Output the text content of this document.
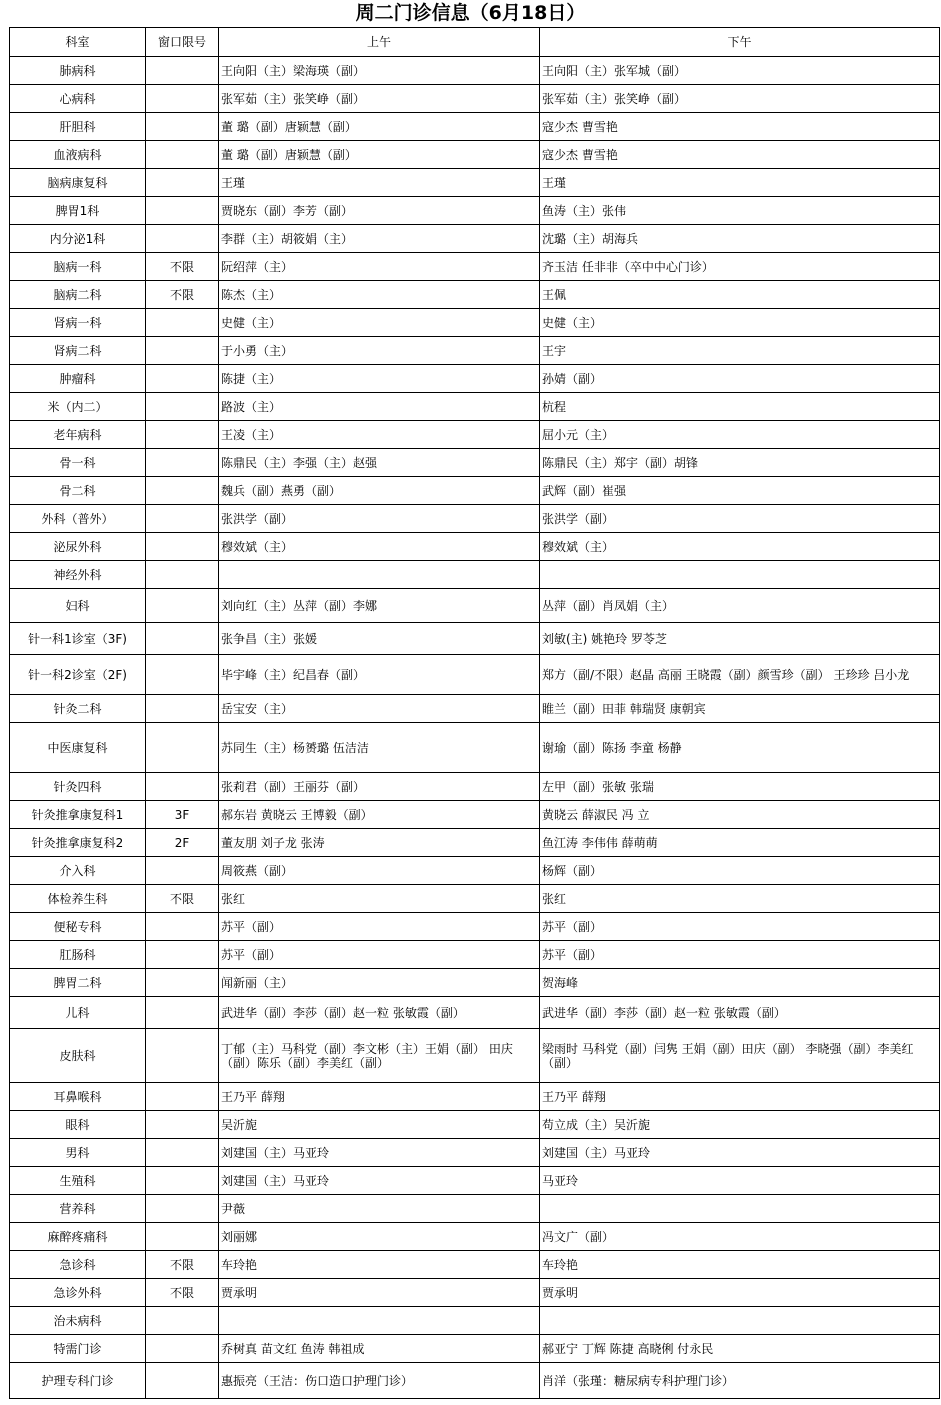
周二门诊信息（6月18日）
科室	窗口限号	上午	下午
肺病科		王向阳（主）梁海瑛（副）	王向阳（主）张军城（副）
心病科		张军茹（主）张笑峥（副）	张军茹（主）张笑峥（副）
肝胆科		董 璐（副）唐颖慧（副）	寇少杰 曹雪艳
血液病科		董 璐（副）唐颖慧（副）	寇少杰 曹雪艳
脑病康复科		王瑾	王瑾
脾胃1科		贾晓东（副）李芳（副）	鱼涛（主）张伟
内分泌1科		李群（主）胡筱娟（主）	沈璐（主）胡海兵
脑病一科	不限	阮绍萍（主）	齐玉洁 任非非（卒中中心门诊）
脑病二科	不限	陈杰（主）	王佩
肾病一科		史健（主）	史健（主）
肾病二科		于小勇（主）	王宇
肿瘤科		陈捷（主）	孙婧（副）
米（内二）		路波（主）	杭程
老年病科		王凌（主）	屈小元（主）
骨一科		陈鼎民（主）李强（主）赵强	陈鼎民（主）郑宇（副）胡锋
骨二科		魏兵（副）燕勇（副）	武辉（副）崔强
外科（普外）		张洪学（副）	张洪学（副）
泌尿外科		穆效斌（主）	穆效斌（主）
神经外科			
妇科		刘向红（主）丛萍（副）李娜	丛萍（副）肖凤娟（主）
针一科1诊室（3F)		张争昌（主）张媛	刘敏(主) 姚艳玲 罗苓芝
针一科2诊室（2F)		毕宇峰（主）纪昌春（副）	郑方（副/不限）赵晶 高丽 王晓霞（副）颜雪珍（副） 王珍珍 吕小龙
针灸二科		岳宝安（主）	睢兰（副）田菲 韩瑞贤 康朝宾
中医康复科		苏同生（主）杨赟璐 伍洁洁	谢瑜（副）陈扬 李童 杨静
针灸四科		张莉君（副）王丽芬（副）	左甲（副）张敏 张瑞
针灸推拿康复科1	3F	郝东岩 黄晓云 王博毅（副）	黄晓云 薛淑民 冯 立
针灸推拿康复科2	2F	董友朋 刘子龙 张涛	鱼江涛 李伟伟 薛萌萌
介入科		周筱燕（副）	杨辉（副）
体检养生科	不限	张红	张红
便秘专科		苏平（副）	苏平（副）
肛肠科		苏平（副）	苏平（副）
脾胃二科		闻新丽（主）	贺海峰
儿科		武进华（副）李莎（副）赵一粒 张敏霞（副）	武进华（副）李莎（副）赵一粒 张敏霞（副）
皮肤科		丁郁（主）马科党（副）李文彬（主）王娟（副） 田庆（副）陈乐（副）李美红（副）	梁雨时 马科党（副）闫隽 王娟（副）田庆（副） 李晓强（副）李美红（副）
耳鼻喉科		王乃平 薛翔	王乃平 薛翔
眼科		吴沂旎	苟立成（主）吴沂旎
男科		刘建国（主）马亚玲	刘建国（主）马亚玲
生殖科		刘建国（主）马亚玲	马亚玲
营养科		尹薇	
麻醉疼痛科		刘丽娜	冯文广（副）
急诊科	不限	车玲艳	车玲艳
急诊外科	不限	贾承明	贾承明
治未病科			
特需门诊		乔树真 苗文红 鱼涛 韩祖成	郝亚宁 丁辉 陈捷 高晓俐 付永民
护理专科门诊		惠振亮（王洁：伤口造口护理门诊）	肖洋（张瑾：糖尿病专科护理门诊）
